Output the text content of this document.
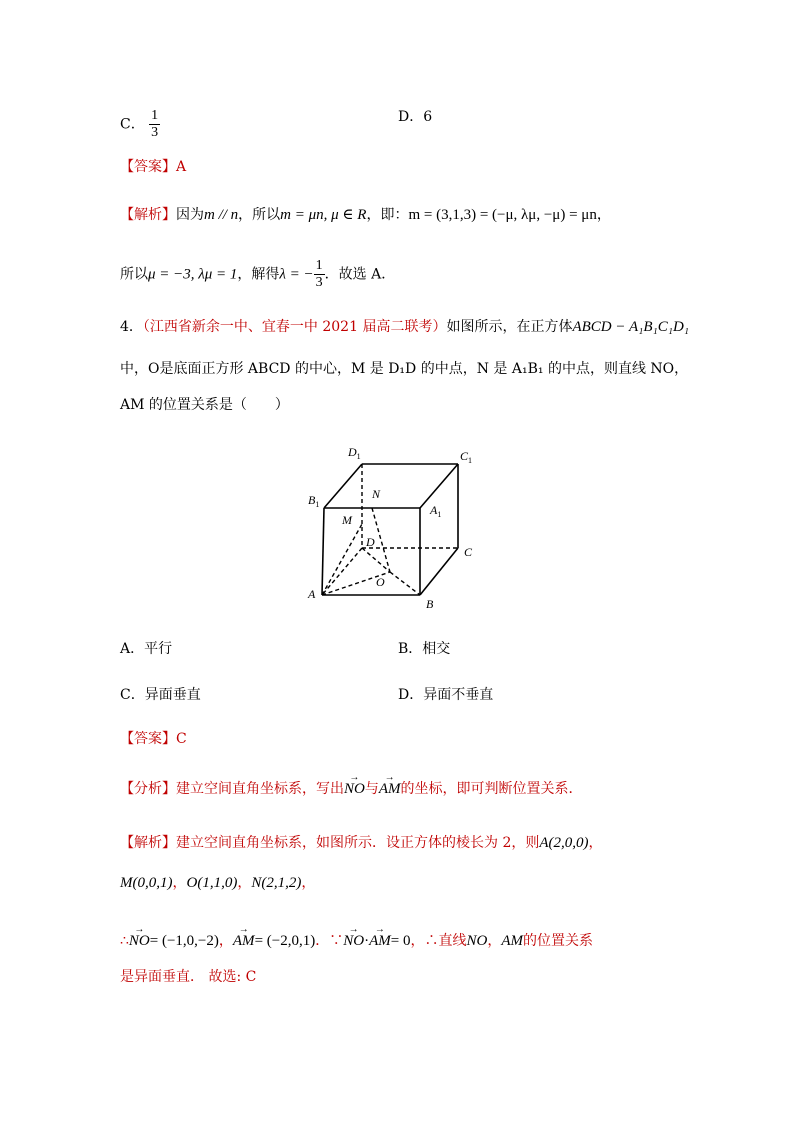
C． $\frac{1}{3}$	D．6
【答案】A
【解析】因为m // n，所以m = μn, μ ∈ R，即：m = (3,1,3) = (−μ, λμ, −μ) = μn，
所以μ = −3, λμ = 1，解得λ = − $\frac{1}{3}$ ．故选 A．
4．（江西省新余一中、宜春一中 2021 届高二联考）如图所示，在正方体ABCD − A₁B₁C₁D₁
中，O是底面正方形 ABCD 的中心，M 是 D₁D 的中点，N 是 A₁B₁ 的中点，则直线 NO，
AM 的位置关系是（　　）
$D_1$	$C_1$
$B_1$	$A_1$
N
M
D
C
O
A
B
A．平行	B．相交
C．异面垂直	D．异面不垂直
【答案】C
【分析】建立空间直角坐标系，写出→ NO与→ AM的坐标，即可判断位置关系．
【解析】建立空间直角坐标系，如图所示．设正方体的棱长为 2，则A(2,0,0)，
M(0,0,1)，O(1,1,0)，N(2,1,2)，
∴→ NO= (−1,0,−2)，→ AM= (−2,0,1)．∵→ NO·→ AM= 0，∴直线NO，AM的位置关系
是异面垂直． 故选: C
